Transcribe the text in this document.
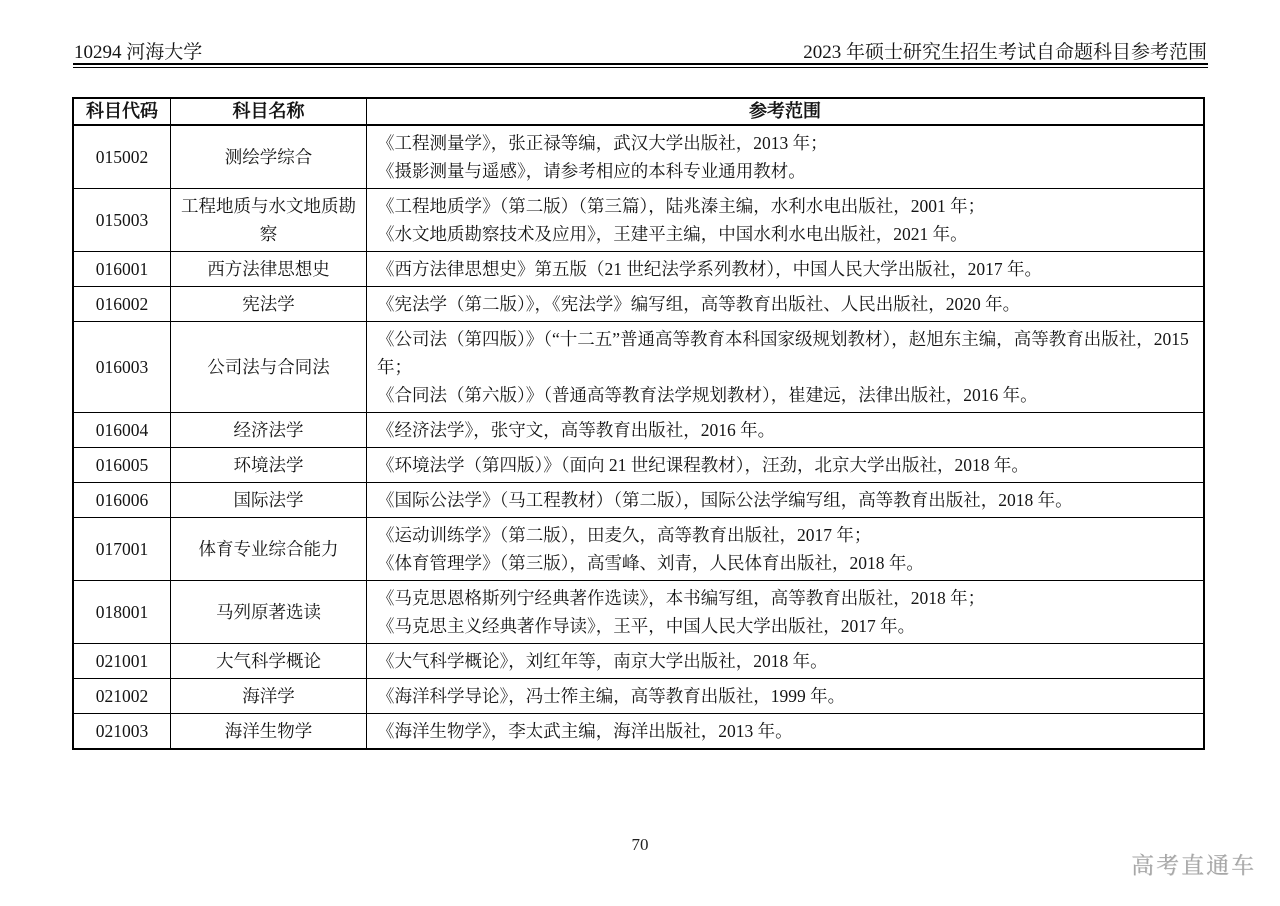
10294 河海大学	2023 年硕士研究生招生考试自命题科目参考范围
科目代码	科目名称	参考范围
015002	测绘学综合	《工程测量学》，张正禄等编，武汉大学出版社，2013 年；
《摄影测量与遥感》，请参考相应的本科专业通用教材。

015003	工程地质与水文地质勘察	《工程地质学》（第二版）（第三篇），陆兆溱主编，水利水电出版社，2001 年；
《水文地质勘察技术及应用》，王建平主编，中国水利水电出版社，2021 年。

016001	西方法律思想史	《西方法律思想史》第五版（21 世纪法学系列教材），中国人民大学出版社，2017 年。

016002	宪法学	《宪法学（第二版）》，《宪法学》编写组，高等教育出版社、人民出版社，2020 年。

016003	公司法与合同法	《公司法（第四版）》（“十二五”普通高等教育本科国家级规划教材），赵旭东主编，高等教育出版社，2015 年；
《合同法（第六版）》（普通高等教育法学规划教材），崔建远，法律出版社，2016 年。

016004	经济法学	《经济法学》，张守文，高等教育出版社，2016 年。

016005	环境法学	《环境法学（第四版）》（面向 21 世纪课程教材），汪劲，北京大学出版社，2018 年。

016006	国际法学	《国际公法学》（马工程教材）（第二版），国际公法学编写组，高等教育出版社，2018 年。

017001	体育专业综合能力	《运动训练学》（第二版），田麦久，高等教育出版社，2017 年；
《体育管理学》（第三版），高雪峰、刘青，人民体育出版社，2018 年。

018001	马列原著选读	《马克思恩格斯列宁经典著作选读》，本书编写组，高等教育出版社，2018 年；
《马克思主义经典著作导读》，王平，中国人民大学出版社，2017 年。

021001	大气科学概论	《大气科学概论》，刘红年等，南京大学出版社，2018 年。

021002	海洋学	《海洋科学导论》，冯士筰主编，高等教育出版社，1999 年。

021003	海洋生物学	《海洋生物学》，李太武主编，海洋出版社，2013 年。
70
高考直通车
